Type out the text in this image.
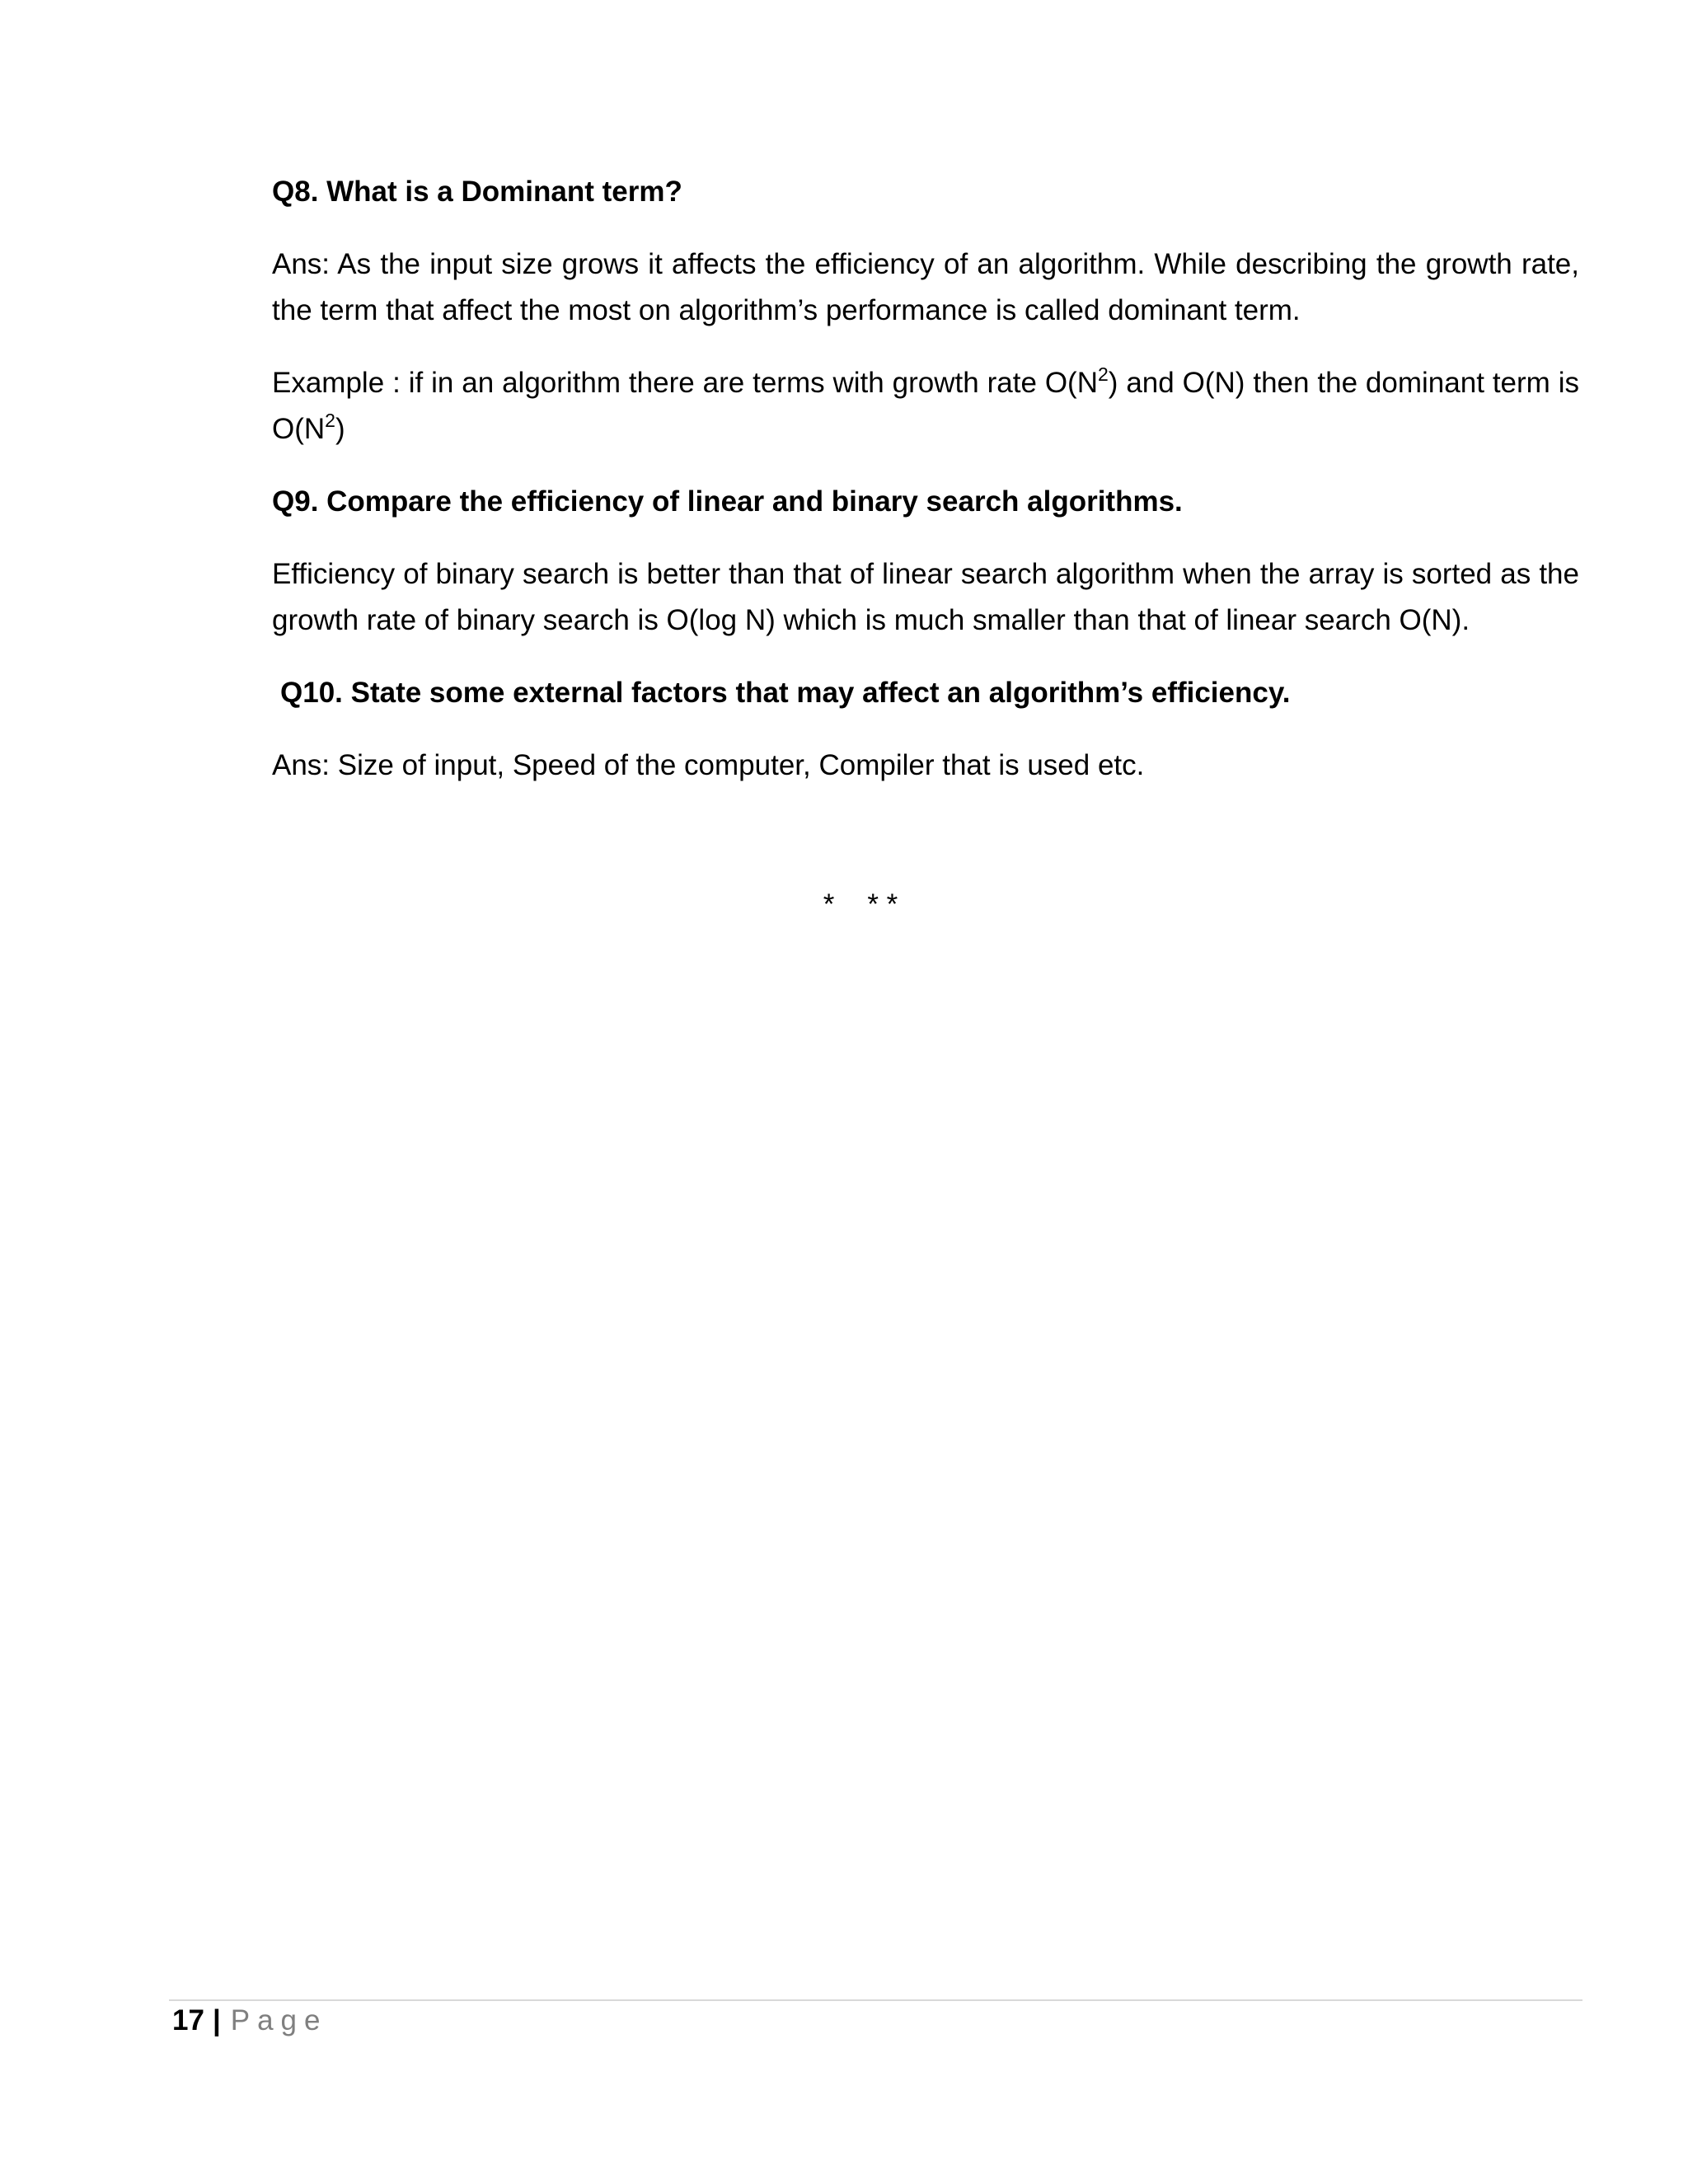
Q8. What is a Dominant term?
Ans: As the input size grows it affects the efficiency of an algorithm. While describing the growth rate, the term that affect the most on algorithm’s performance is called dominant term.
Example : if in an algorithm there are terms with growth rate $O(N^2)$ and O(N) then the dominant term is $O(N^2)$
Q9. Compare the efficiency of linear and binary search algorithms.
Efficiency of binary search is better than that of linear search algorithm when the array is sorted as the growth rate of binary search is O(log N) which is much smaller than that of linear search O(N).
Q10. State some external factors that may affect an algorithm’s efficiency.
Ans: Size of input, Speed of the computer, Compiler that is used etc.
* * *
17 | Page
